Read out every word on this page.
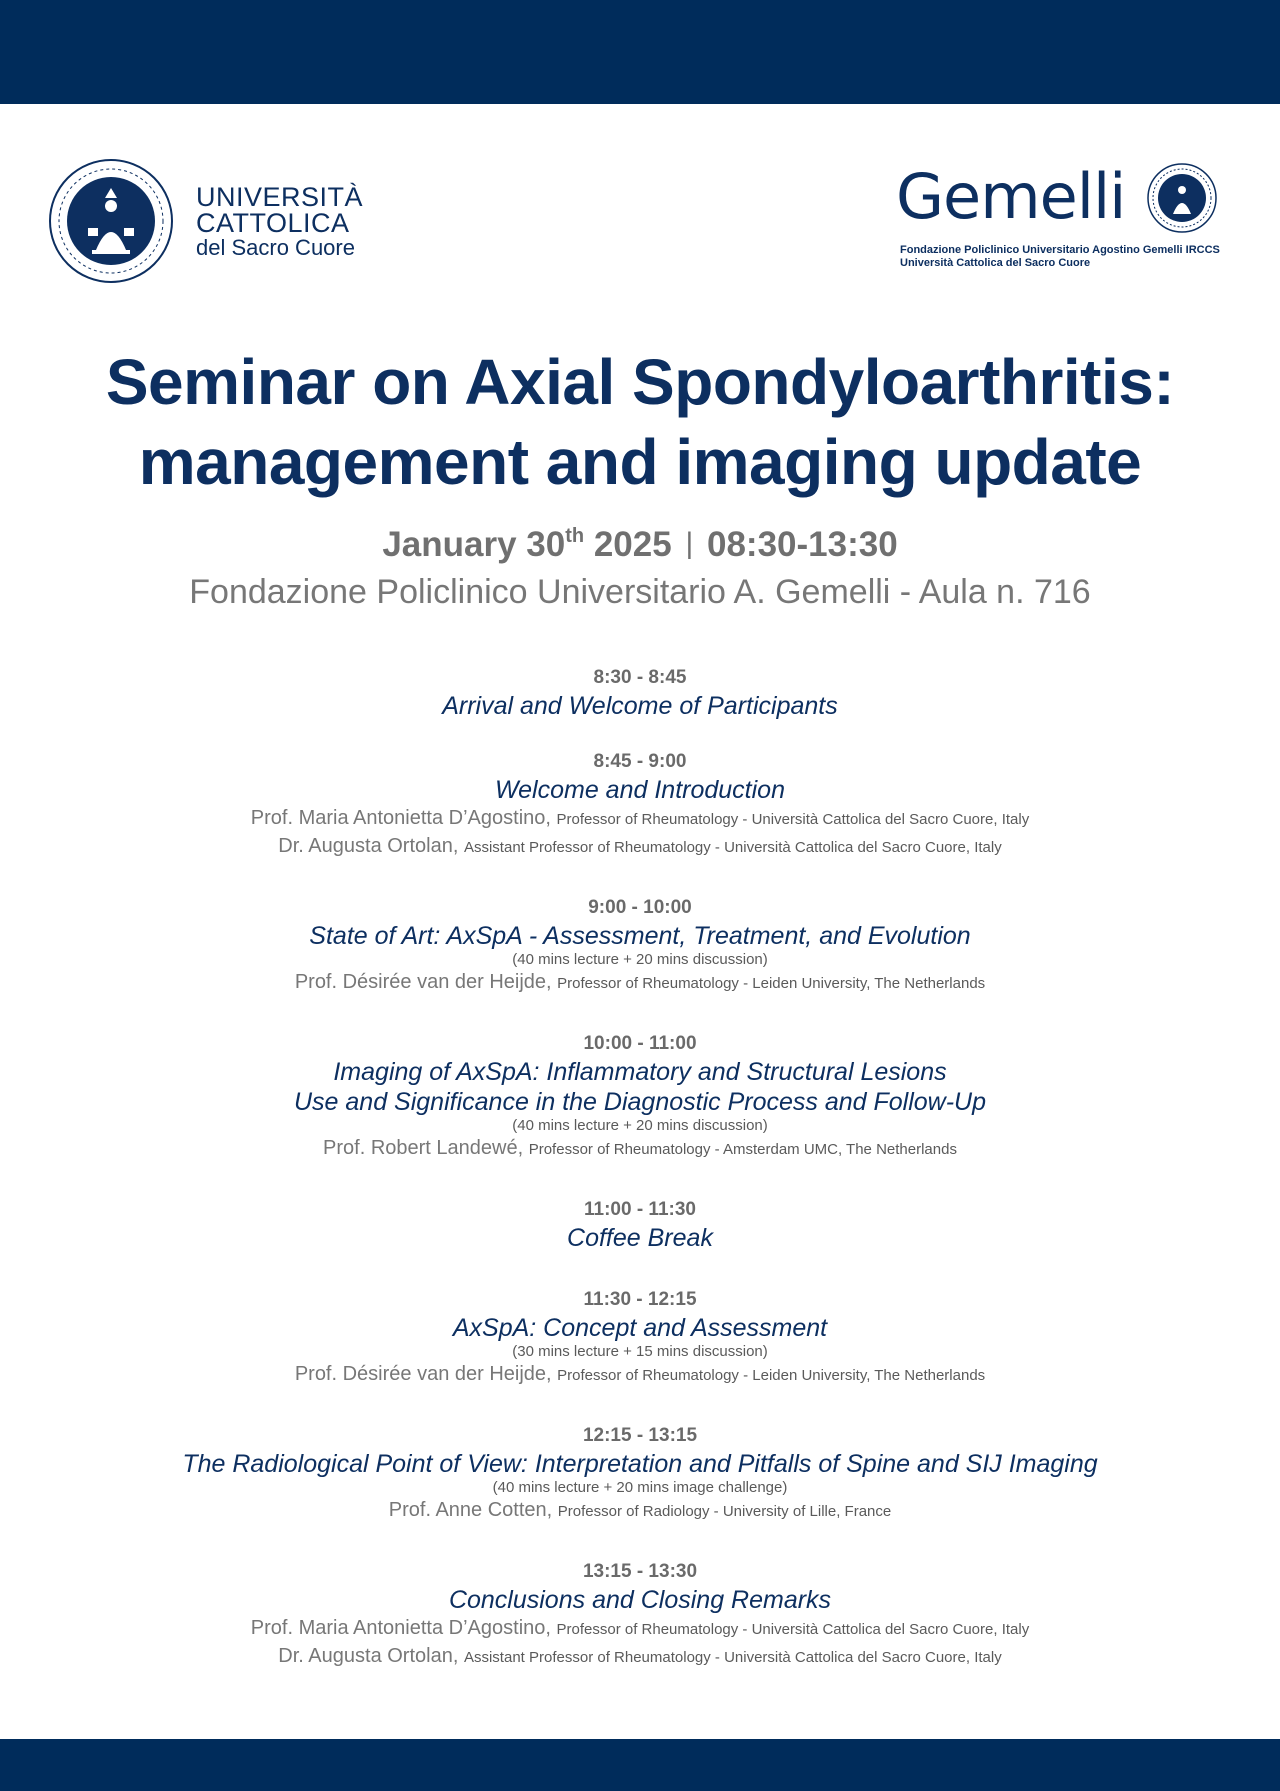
UNIVERSITÀ
CATTOLICA
del Sacro Cuore
Gemelli
Fondazione Policlinico Universitario Agostino Gemelli IRCCS
Università Cattolica del Sacro Cuore
Seminar on Axial Spondyloarthritis:
management and imaging update
January 30th 2025 | 08:30-13:30
Fondazione Policlinico Universitario A. Gemelli - Aula n. 716
8:30 - 8:45
Arrival and Welcome of Participants
8:45 - 9:00
Welcome and Introduction
Prof. Maria Antonietta D’Agostino, Professor of Rheumatology - Università Cattolica del Sacro Cuore, Italy
Dr. Augusta Ortolan, Assistant Professor of Rheumatology - Università Cattolica del Sacro Cuore, Italy
9:00 - 10:00
State of Art: AxSpA - Assessment, Treatment, and Evolution
(40 mins lecture + 20 mins discussion)
Prof. Désirée van der Heijde, Professor of Rheumatology - Leiden University, The Netherlands
10:00 - 11:00
Imaging of AxSpA: Inflammatory and Structural Lesions
Use and Significance in the Diagnostic Process and Follow-Up
(40 mins lecture + 20 mins discussion)
Prof. Robert Landewé, Professor of Rheumatology - Amsterdam UMC, The Netherlands
11:00 - 11:30
Coffee Break
11:30 - 12:15
AxSpA: Concept and Assessment
(30 mins lecture + 15 mins discussion)
Prof. Désirée van der Heijde, Professor of Rheumatology - Leiden University, The Netherlands
12:15 - 13:15
The Radiological Point of View: Interpretation and Pitfalls of Spine and SIJ Imaging
(40 mins lecture + 20 mins image challenge)
Prof. Anne Cotten, Professor of Radiology - University of Lille, France
13:15 - 13:30
Conclusions and Closing Remarks
Prof. Maria Antonietta D’Agostino, Professor of Rheumatology - Università Cattolica del Sacro Cuore, Italy
Dr. Augusta Ortolan, Assistant Professor of Rheumatology - Università Cattolica del Sacro Cuore, Italy
